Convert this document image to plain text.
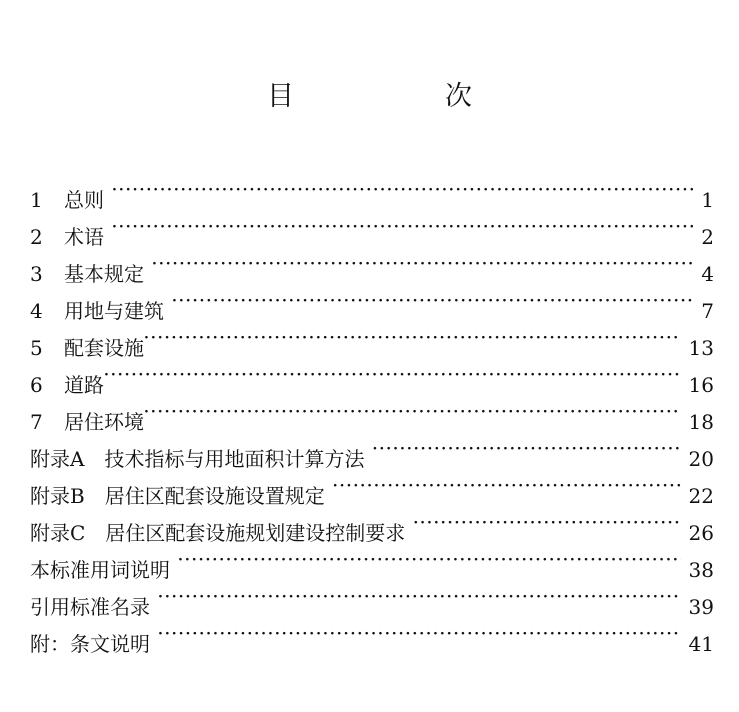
目　次
1	总则 ·····	1
2	术语 ·····	2
3	基本规定 ·····	4
4	用地与建筑 ·····	7
5	配套设施 ·····	13
6	道路 ·····	16
7	居住环境 ·····	18
附录A　技术指标与用地面积计算方法 ·····	20
附录B　居住区配套设施设置规定 ·····	22
附录C　居住区配套设施规划建设控制要求 ·····	26
本标准用词说明 ·····	38
引用标准名录 ·····	39
附：条文说明 ·····	41
